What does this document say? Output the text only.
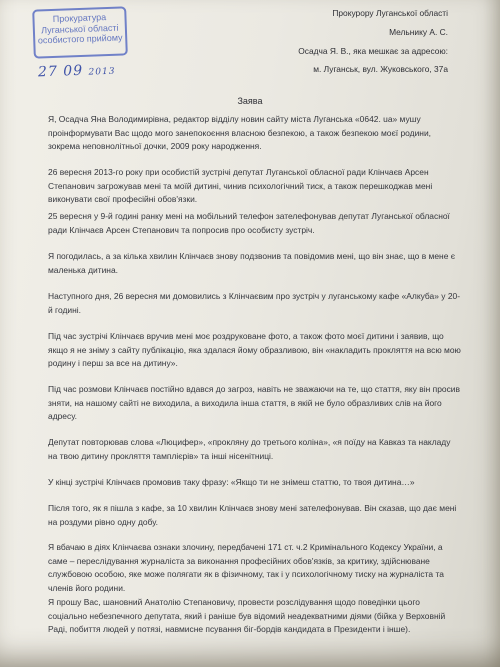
Прокуратура
Луганської області
особистого прийому
27 09 2013
Прокурору Луганської області
Мельнику А. С.
Осадча Я. В., яка мешкає за адресою:
м. Луганськ, вул. Жуковського, 37а
Заява
Я, Осадча Яна Володимирівна, редактор відділу новин сайту міста Луганська «0642. ua» мушу проінформувати Вас щодо мого занепокоєння власною безпекою, а також безпекою моєї родини, зокрема неповнолітньої дочки, 2009 року народження.
26 вересня 2013-го року при особистій зустрічі депутат Луганської обласної ради Клінчаєв Арсен Степанович загрожував мені та моїй дитині, чинив психологічний тиск, а також перешкоджав мені виконувати свої професійні обов'язки.
25 вересня у 9-й годині ранку мені на мобільний телефон зателефонував депутат Луганської обласної ради Клінчаєв Арсен Степанович та попросив про особисту зустріч.
Я погодилась, а за кілька хвилин Клінчаєв знову подзвонив та повідомив мені, що він знає, що в мене є маленька дитина.
Наступного дня, 26 вересня ми домовились з Клінчаєвим про зустріч у луганському кафе «Алкуба» у 20-й годині.
Під час зустрічі Клінчаєв вручив мені моє роздруковане фото, а також фото моєї дитини і заявив, що якщо я не зніму з сайту публікацію, яка здалася йому образливою, він «накладить прокляття на всю мою родину і перш за все на дитину».
Під час розмови Клінчаєв постійно вдався до загроз, навіть не зважаючи на те, що стаття, яку він просив зняти, на нашому сайті не виходила, а виходила інша стаття, в якій не було образливих слів на його адресу.
Депутат повторював слова «Люцифер», «прокляну до третього коліна», «я поїду на Кавказ та накладу на твою дитину прокляття тамплієрів» та інші нісенітниці.
У кінці зустрічі Клінчаєв промовив таку фразу: «Якщо ти не знімеш статтю, то твоя дитина…»
Після того, як я пішла з кафе, за 10 хвилин Клінчаєв знову мені зателефонував. Він сказав, що дає мені на роздуми рівно одну добу.
Я вбачаю в діях Клінчаєва ознаки злочину, передбачені 171 ст. ч.2 Кримінального Кодексу України, а саме – переслідування журналіста за виконання професійних обов'язків, за критику, здійснюване службовою особою, яке може полягати як в фізичному, так і у психологічному тиску на журналіста та членів його родини.
Я прошу Вас, шановний Анатолію Степановичу, провести розслідування щодо поведінки цього соціально небезпечного депутата, який і раніше був відомий неадекватними діями (бійка у Верховній Раді, побиття людей у потязі, навмисне псування біг-бордів кандидата в Президенти і інше).
